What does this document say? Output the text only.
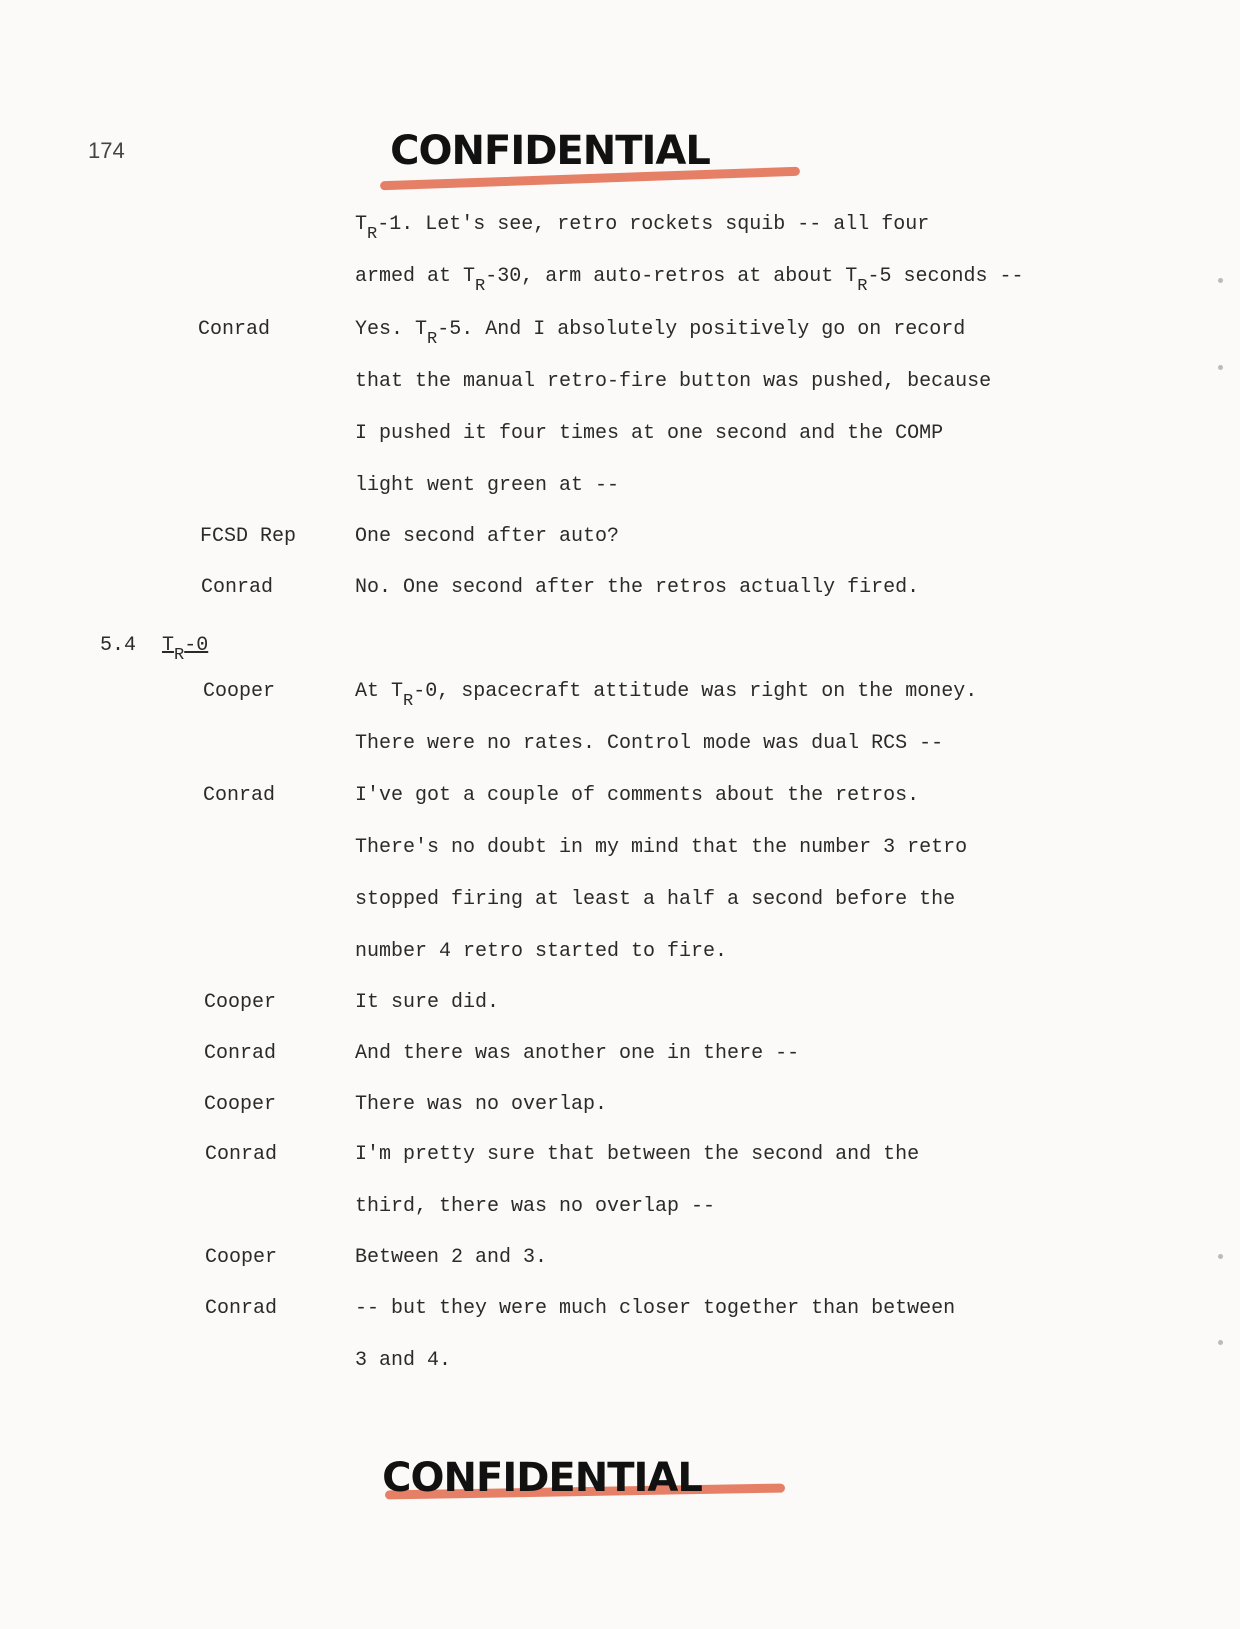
174	CONFIDENTIAL
$T_R-1$. Let's see, retro rockets squib -- all four
armed at $T_R-30$, arm auto-retros at about $T_R-5$ seconds --
Conrad	Yes. $T_R-5$. And I absolutely positively go on record
that the manual retro-fire button was pushed, because
I pushed it four times at one second and the COMP
light went green at --
FCSD Rep	One second after auto?
Conrad	No. One second after the retros actually fired.
5.4 $T_R-0$
Cooper	At $T_R-0$, spacecraft attitude was right on the money.
There were no rates. Control mode was dual RCS --
Conrad	I've got a couple of comments about the retros.
There's no doubt in my mind that the number 3 retro
stopped firing at least a half a second before the
number 4 retro started to fire.
Cooper	It sure did.
Conrad	And there was another one in there --
Cooper	There was no overlap.
Conrad	I'm pretty sure that between the second and the
third, there was no overlap --
Cooper	Between 2 and 3.
Conrad	-- but they were much closer together than between
3 and 4.
CONFIDENTIAL
